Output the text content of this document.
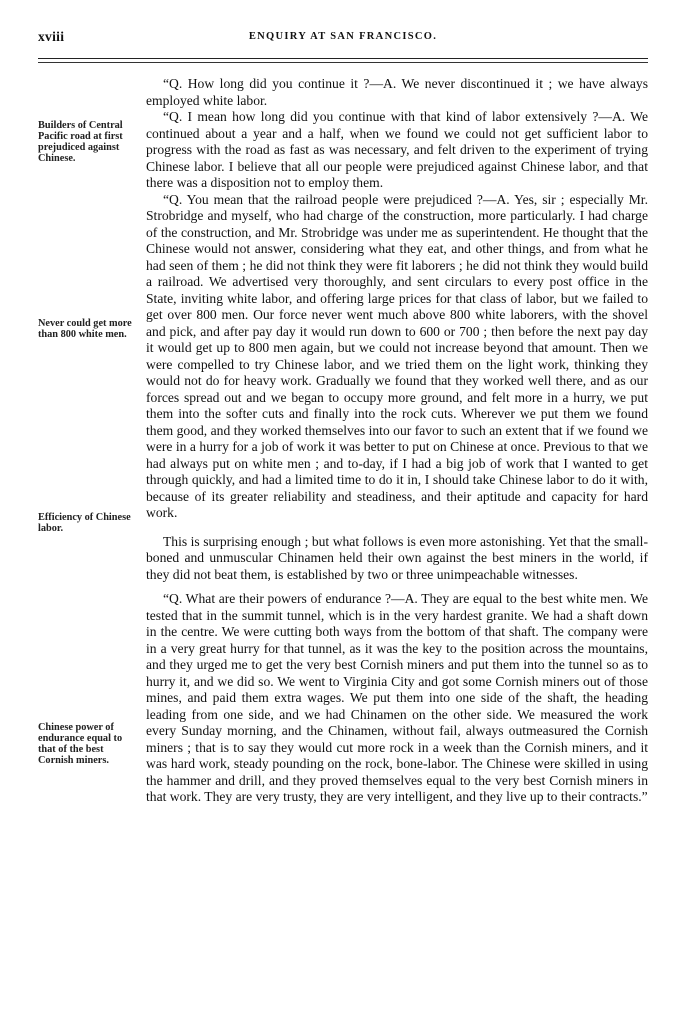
xviii	ENQUIRY AT SAN FRANCISCO.
Builders of Central Pacific road at first prejudiced against Chinese.
Never could get more than 800 white men.
Efficiency of Chinese labor.
Chinese power of endurance equal to that of the best Cornish miners.

“Q. How long did you continue it ?—A. We never discontinued it ; we have always employed white labor.

“Q. I mean how long did you continue with that kind of labor extensively ?—A. We continued about a year and a half, when we found we could not get sufficient labor to progress with the road as fast as was necessary, and felt driven to the experiment of trying Chinese labor. I believe that all our people were prejudiced against Chinese labor, and that there was a disposition not to employ them.

“Q. You mean that the railroad people were prejudiced ?—A. Yes, sir ; especially Mr. Strobridge and myself, who had charge of the construction, more particularly. I had charge of the construction, and Mr. Strobridge was under me as superintendent. He thought that the Chinese would not answer, considering what they eat, and other things, and from what he had seen of them ; he did not think they were fit laborers ; he did not think they would build a railroad. We advertised very thoroughly, and sent circulars to every post office in the State, inviting white labor, and offering large prices for that class of labor, but we failed to get over 800 men. Our force never went much above 800 white laborers, with the shovel and pick, and after pay day it would run down to 600 or 700 ; then before the next pay day it would get up to 800 men again, but we could not increase beyond that amount. Then we were compelled to try Chinese labor, and we tried them on the light work, thinking they would not do for heavy work. Gradually we found that they worked well there, and as our forces spread out and we began to occupy more ground, and felt more in a hurry, we put them into the softer cuts and finally into the rock cuts. Wherever we put them we found them good, and they worked themselves into our favor to such an extent that if we found we were in a hurry for a job of work it was better to put on Chinese at once. Previous to that we had always put on white men ; and to-day, if I had a big job of work that I wanted to get through quickly, and had a limited time to do it in, I should take Chinese labor to do it with, because of its greater reliability and steadiness, and their aptitude and capacity for hard work.

This is surprising enough ; but what follows is even more astonishing. Yet that the small-boned and unmuscular Chinamen held their own against the best miners in the world, if they did not beat them, is established by two or three unimpeachable witnesses.

“Q. What are their powers of endurance ?—A. They are equal to the best white men. We tested that in the summit tunnel, which is in the very hardest granite. We had a shaft down in the centre. We were cutting both ways from the bottom of that shaft. The company were in a very great hurry for that tunnel, as it was the key to the position across the mountains, and they urged me to get the very best Cornish miners and put them into the tunnel so as to hurry it, and we did so. We went to Virginia City and got some Cornish miners out of those mines, and paid them extra wages. We put them into one side of the shaft, the heading leading from one side, and we had Chinamen on the other side. We measured the work every Sunday morning, and the Chinamen, without fail, always outmeasured the Cornish miners ; that is to say they would cut more rock in a week than the Cornish miners, and it was hard work, steady pounding on the rock, bone-labor. The Chinese were skilled in using the hammer and drill, and they proved themselves equal to the very best Cornish miners in that work. They are very trusty, they are very intelligent, and they live up to their contracts.”
